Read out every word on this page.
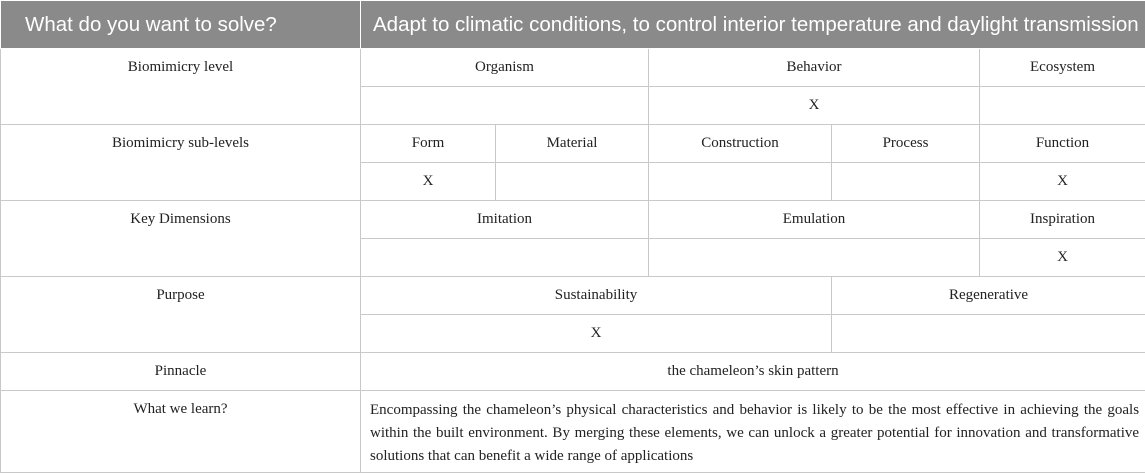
What do you want to solve?	Adapt to climatic conditions, to control interior temperature and daylight transmission				
Biomimicry level	Organism		Behavior		Ecosystem
			X		
Biomimicry sub-levels	Form	Material	Construction	Process	Function
	X				X
Key Dimensions	Imitation		Emulation		Inspiration
					X
Purpose	Sustainability			Regenerative	
	X				
Pinnacle	the chameleon’s skin pattern				
What we learn?	Encompassing the chameleon’s physical characteristics and behavior is likely to be the most effective in achieving the goals within the built environment. By merging these elements, we can unlock a greater potential for innovation and transformative solutions that can benefit a wide range of applications				
